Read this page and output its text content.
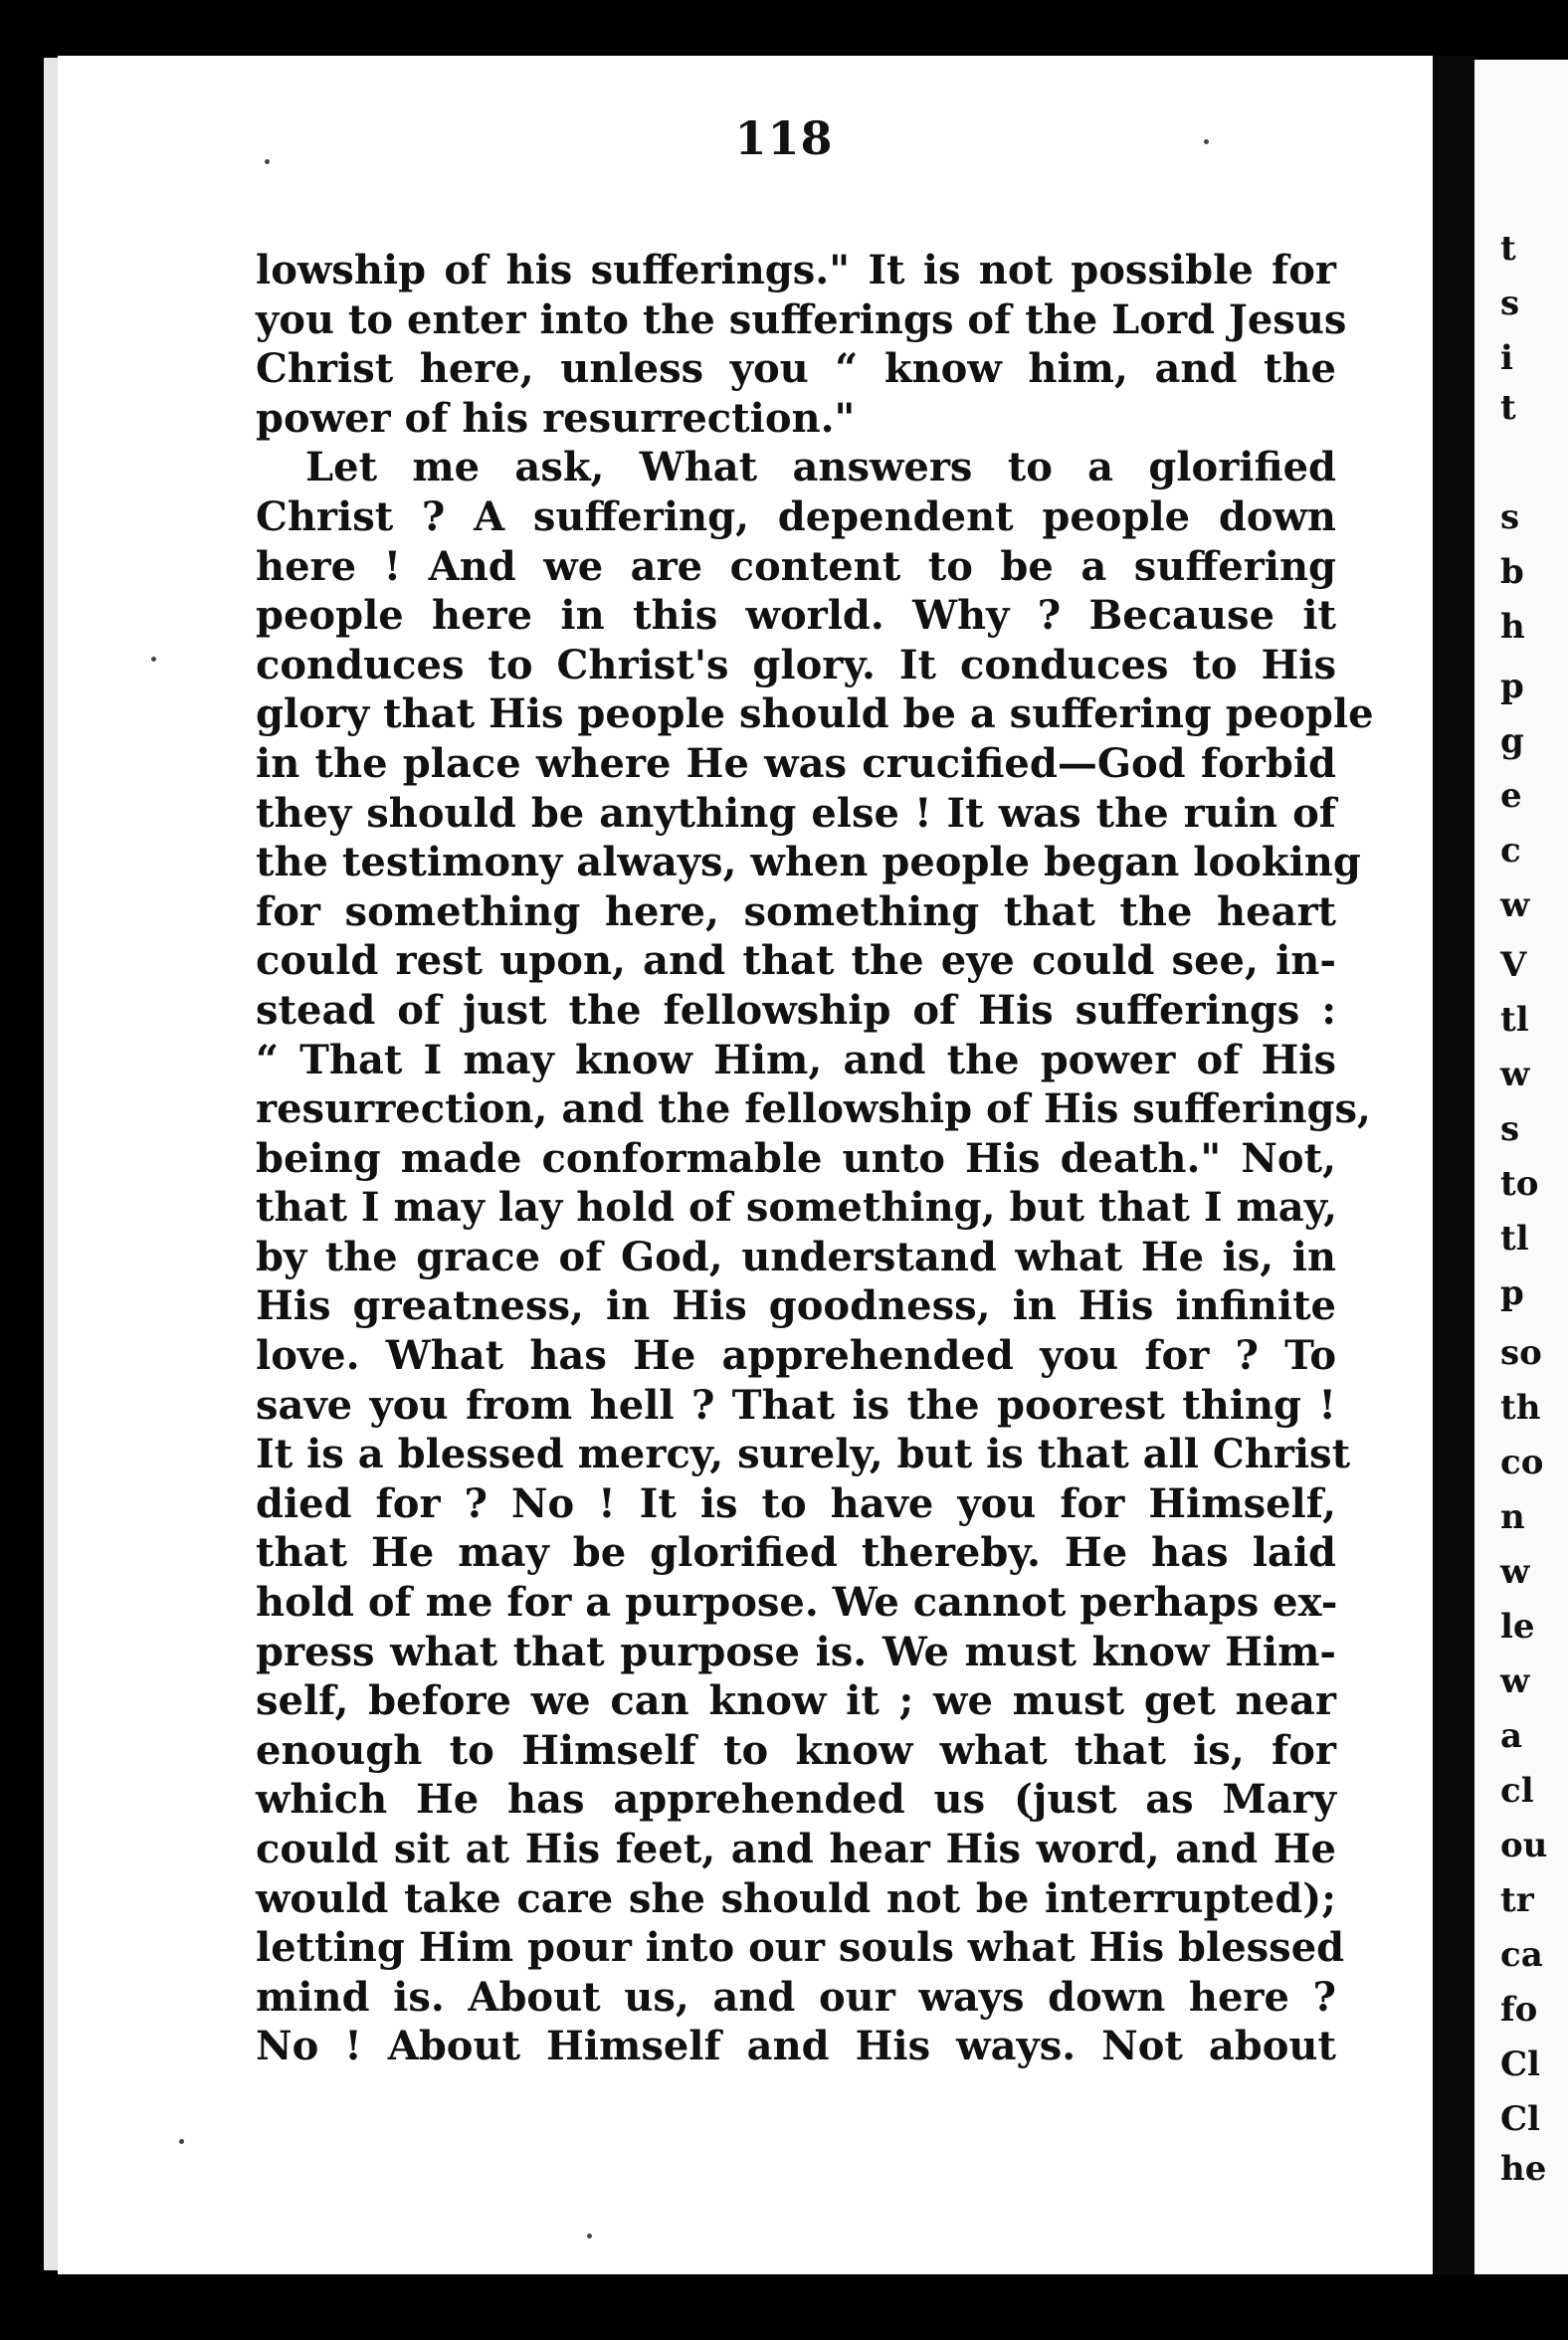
118
lowship of his sufferings." It is not possible for
you to enter into the sufferings of the Lord Jesus
Christ here, unless you “ know him, and the
power of his resurrection."
Let me ask, What answers to a glorified
Christ ? A suffering, dependent people down
here ! And we are content to be a suffering
people here in this world. Why ? Because it
conduces to Christ's glory. It conduces to His
glory that His people should be a suffering people
in the place where He was crucified—God forbid
they should be anything else ! It was the ruin of
the testimony always, when people began looking
for something here, something that the heart
could rest upon, and that the eye could see, in-
stead of just the fellowship of His sufferings :
“ That I may know Him, and the power of His
resurrection, and the fellowship of His sufferings,
being made conformable unto His death." Not,
that I may lay hold of something, but that I may,
by the grace of God, understand what He is, in
His greatness, in His goodness, in His infinite
love. What has He apprehended you for ? To
save you from hell ? That is the poorest thing !
It is a blessed mercy, surely, but is that all Christ
died for ? No ! It is to have you for Himself,
that He may be glorified thereby. He has laid
hold of me for a purpose. We cannot perhaps ex-
press what that purpose is. We must know Him-
self, before we can know it ; we must get near
enough to Himself to know what that is, for
which He has apprehended us (just as Mary
could sit at His feet, and hear His word, and He
would take care she should not be interrupted);
letting Him pour into our souls what His blessed
mind is. About us, and our ways down here ?
No ! About Himself and His ways. Not about
t
s
i
t
s
b
h
p
g
e
c
w
V
tl
w
s
to
tl
p
so
th
co
n
w
le
w
a
cl
ou
tr
ca
fo
Cl
Cl
he
